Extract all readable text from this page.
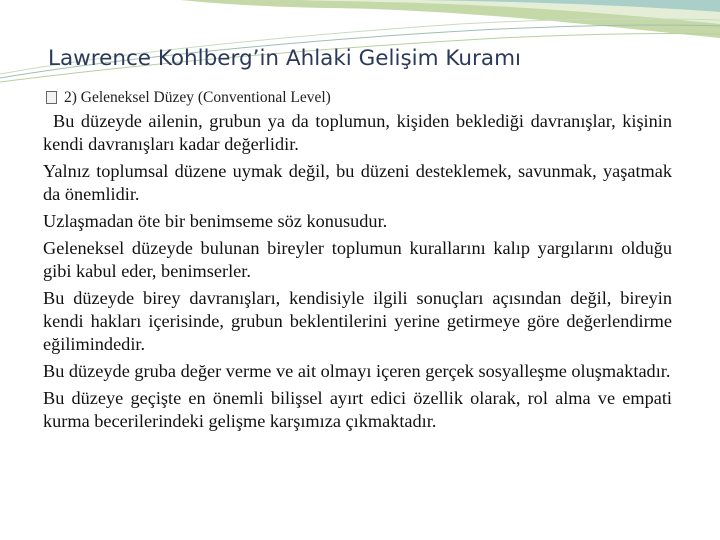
Lawrence Kohlberg’in Ahlaki Gelişim Kuramı
2) Geleneksel Düzey (Conventional Level)

Bu düzeyde ailenin, grubun ya da toplumun, kişiden beklediği davranışlar, kişinin kendi davranışları kadar değerlidir.

Yalnız toplumsal düzene uymak değil, bu düzeni desteklemek, savunmak, yaşatmak da önemlidir.

Uzlaşmadan öte bir benimseme söz konusudur.

Geleneksel düzeyde bulunan bireyler toplumun kurallarını kalıp yargılarını olduğu gibi kabul eder, benimserler.

Bu düzeyde birey davranışları, kendisiyle ilgili sonuçları açısından değil, bireyin kendi hakları içerisinde, grubun beklentilerini yerine getirmeye göre değerlendirme eğilimindedir.

Bu düzeyde gruba değer verme ve ait olmayı içeren gerçek sosyalleşme oluşmaktadır.

Bu düzeye geçişte en önemli bilişsel ayırt edici özellik olarak, rol alma ve empati kurma becerilerindeki gelişme karşımıza çıkmaktadır.
